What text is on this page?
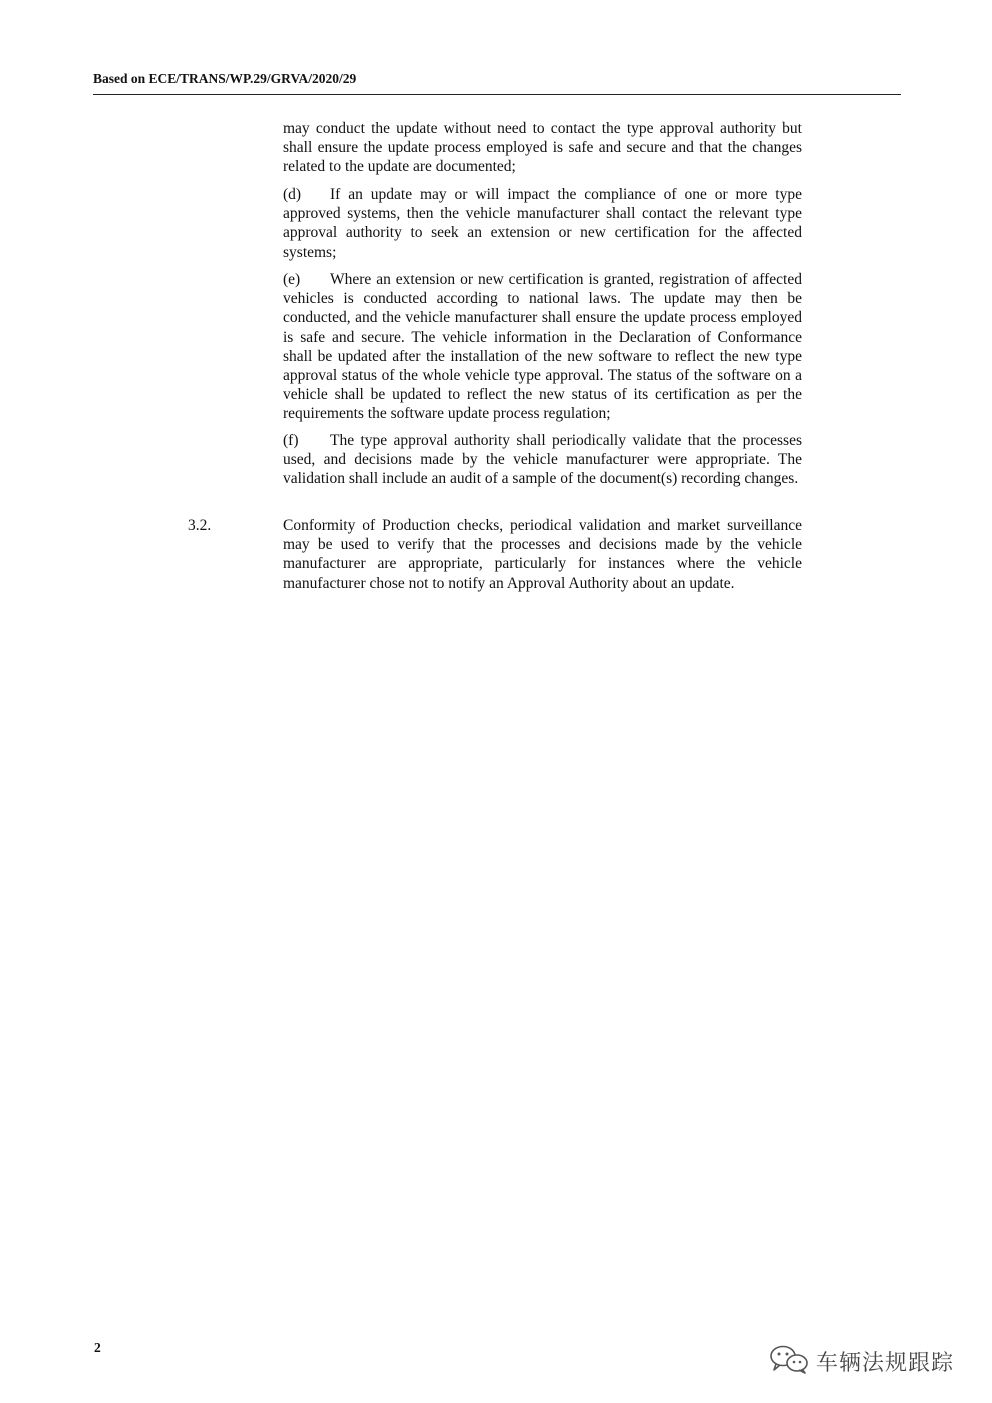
Based on ECE/TRANS/WP.29/GRVA/2020/29

may conduct the update without need to contact the type approval authority but shall ensure the update process employed is safe and secure and that the changes related to the update are documented;

(d) If an update may or will impact the compliance of one or more type approved systems, then the vehicle manufacturer shall contact the relevant type approval authority to seek an extension or new certification for the affected systems;

(e) Where an extension or new certification is granted, registration of affected vehicles is conducted according to national laws. The update may then be conducted, and the vehicle manufacturer shall ensure the update process employed is safe and secure. The vehicle information in the Declaration of Conformance shall be updated after the installation of the new software to reflect the new type approval status of the whole vehicle type approval. The status of the software on a vehicle shall be updated to reflect the new status of its certification as per the requirements the software update process regulation;

(f) The type approval authority shall periodically validate that the processes used, and decisions made by the vehicle manufacturer were appropriate. The validation shall include an audit of a sample of the document(s) recording changes.

3.2.	Conformity of Production checks, periodical validation and market surveillance may be used to verify that the processes and decisions made by the vehicle manufacturer are appropriate, particularly for instances where the vehicle manufacturer chose not to notify an Approval Authority about an update.

2
车辆法规跟踪
